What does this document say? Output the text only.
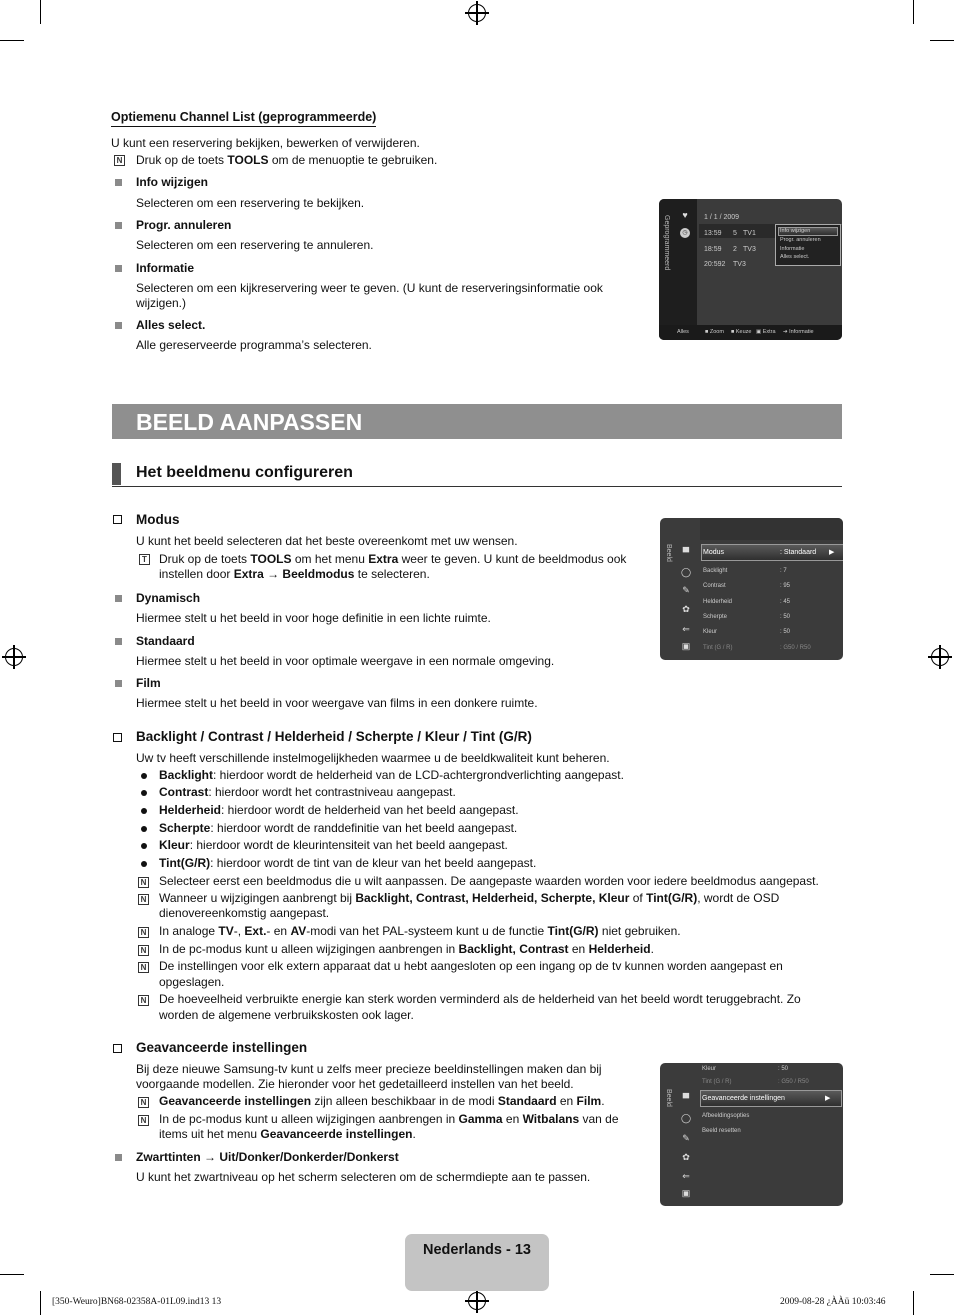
Optiemenu Channel List (geprogrammeerde)
U kunt een reservering bekijken, bewerken of verwijderen.
N Druk op de toets TOOLS om de menuoptie te gebruiken.
Info wijzigen
Selecteren om een reservering te bekijken.
Progr. annuleren
Selecteren om een reservering te annuleren.
Informatie
Selecteren om een kijkreservering weer te geven. (U kunt de reserveringsinformatie ook wijzigen.)
Alles select.
Alle gereserveerde programma’s selecteren.
Geprogrammeerd ♥
◷
1 / 1 / 2009
13:59 5 TV1
18:59 2 TV3
20:592 TV3
Info wijzigen
Progr. annuleren
Informatie
Alles select.
Alles	■ Zoom ■ Keuze ▣ Extra ➔ Informatie
BEELD AANPASSEN
Het beeldmenu configureren
Modus
U kunt het beeld selecteren dat het beste overeenkomt met uw wensen.
T Druk op de toets TOOLS om het menu Extra weer te geven. U kunt de beeldmodus ook
instellen door Extra → Beeldmodus te selecteren.
Dynamisch
Hiermee stelt u het beeld in voor hoge definitie in een lichte ruimte.
Standaard
Hiermee stelt u het beeld in voor optimale weergave in een normale omgeving.
Film
Hiermee stelt u het beeld in voor weergave van films in een donkere ruimte.
Beeld ▀
◯
✎
✿
⇐
▣
Modus	: Standaard ▶
Backlight	: 7
Contrast	: 95
Helderheid	: 45
Scherpte	: 50
Kleur	: 50
Tint (G / R)	: G50 / R50
Backlight / Contrast / Helderheid / Scherpte / Kleur / Tint (G/R)
Uw tv heeft verschillende instelmogelijkheden waarmee u de beeldkwaliteit kunt beheren.
Backlight: hierdoor wordt de helderheid van de LCD-achtergrondverlichting aangepast.
Contrast: hierdoor wordt het contrastniveau aangepast.
Helderheid: hierdoor wordt de helderheid van het beeld aangepast.
Scherpte: hierdoor wordt de randdefinitie van het beeld aangepast.
Kleur: hierdoor wordt de kleurintensiteit van het beeld aangepast.
Tint(G/R): hierdoor wordt de tint van de kleur van het beeld aangepast.
N Selecteer eerst een beeldmodus die u wilt aanpassen. De aangepaste waarden worden voor iedere beeldmodus aangepast.
N Wanneer u wijzigingen aanbrengt bij Backlight, Contrast, Helderheid, Scherpte, Kleur of Tint(G/R), wordt de OSD
dienovereenkomstig aangepast.
N In analoge TV-, Ext.- en AV-modi van het PAL-systeem kunt u de functie Tint(G/R) niet gebruiken.
N In de pc-modus kunt u alleen wijzigingen aanbrengen in Backlight, Contrast en Helderheid.
N De instellingen voor elk extern apparaat dat u hebt aangesloten op een ingang op de tv kunnen worden aangepast en
opgeslagen.
N De hoeveelheid verbruikte energie kan sterk worden verminderd als de helderheid van het beeld wordt teruggebracht. Zo
worden de algemene verbruikskosten ook lager.
Geavanceerde instellingen
Bij deze nieuwe Samsung-tv kunt u zelfs meer precieze beeldinstellingen maken dan bij
voorgaande modellen. Zie hieronder voor het gedetailleerd instellen van het beeld.
N Geavanceerde instellingen zijn alleen beschikbaar in de modi Standaard en Film.
N In de pc-modus kunt u alleen wijzigingen aanbrengen in Gamma en Witbalans van de
items uit het menu Geavanceerde instellingen.
Zwarttinten → Uit/Donker/Donkerder/Donkerst
U kunt het zwartniveau op het scherm selecteren om de schermdiepte aan te passen.
Beeld ▀
◯
✎
✿
⇐
▣
Kleur	: 50
Tint (G / R)	: G50 / R50
Geavanceerde instellingen	▶
Afbeeldingsopties
Beeld resetten
Nederlands - 13
[350-Weuro]BN68-02358A-01L09.ind13 13	2009-08-28 ¿ÀÀü 10:03:46
